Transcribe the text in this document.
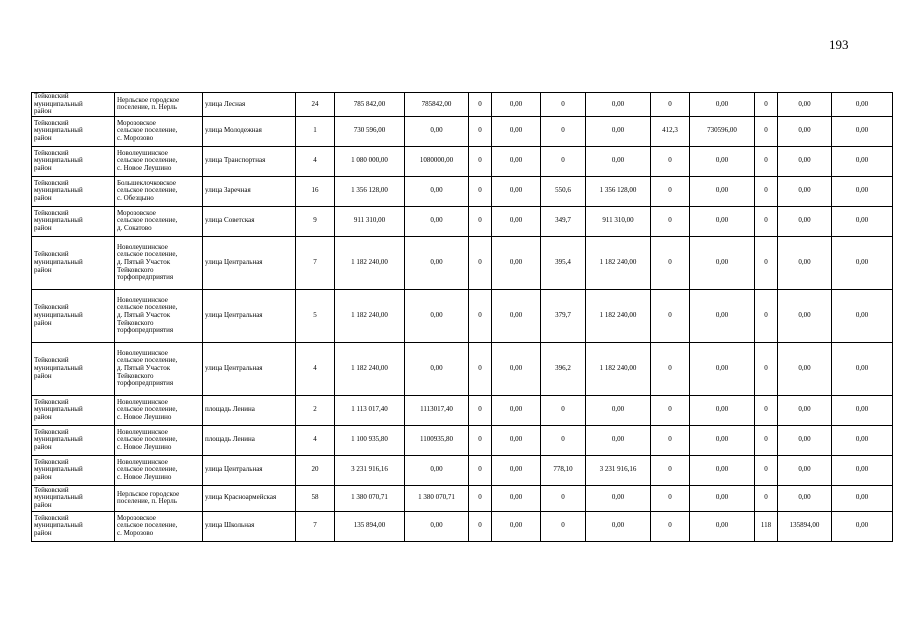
193
Тейковский
муниципальный
район	Нерльское городское
поселение, п. Нерль	улица Лесная	24	785 842,00	785842,00	0	0,00	0	0,00	0	0,00	0	0,00	0,00
Тейковский
муниципальный
район	Морозовское
сельское поселение,
с. Морозово	улица Молодежная	1	730 596,00	0,00	0	0,00	0	0,00	412,3	730596,00	0	0,00	0,00
Тейковский
муниципальный
район	Новолеушинское
сельское поселение,
с. Новое Леушино	улица Транспортная	4	1 080 000,00	1080000,00	0	0,00	0	0,00	0	0,00	0	0,00	0,00
Тейковский
муниципальный
район	Большеклочковское
сельское поселение,
с. Обезцыно	улица Заречная	16	1 356 128,00	0,00	0	0,00	550,6	1 356 128,00	0	0,00	0	0,00	0,00
Тейковский
муниципальный
район	Морозовское
сельское поселение,
д. Сокатово	улица Советская	9	911 310,00	0,00	0	0,00	349,7	911 310,00	0	0,00	0	0,00	0,00
Тейковский
муниципальный
район	Новолеушинское
сельское поселение,
д. Пятый Участок
Тейковского
торфопредприятия	улица Центральная	7	1 182 240,00	0,00	0	0,00	395,4	1 182 240,00	0	0,00	0	0,00	0,00
Тейковский
муниципальный
район	Новолеушинское
сельское поселение,
д. Пятый Участок
Тейковского
торфопредприятия	улица Центральная	5	1 182 240,00	0,00	0	0,00	379,7	1 182 240,00	0	0,00	0	0,00	0,00
Тейковский
муниципальный
район	Новолеушинское
сельское поселение,
д. Пятый Участок
Тейковского
торфопредприятия	улица Центральная	4	1 182 240,00	0,00	0	0,00	396,2	1 182 240,00	0	0,00	0	0,00	0,00
Тейковский
муниципальный
район	Новолеушинское
сельское поселение,
с. Новое Леушино	площадь Ленина	2	1 113 017,40	1113017,40	0	0,00	0	0,00	0	0,00	0	0,00	0,00
Тейковский
муниципальный
район	Новолеушинское
сельское поселение,
с. Новое Леушино	площадь Ленина	4	1 100 935,80	1100935,80	0	0,00	0	0,00	0	0,00	0	0,00	0,00
Тейковский
муниципальный
район	Новолеушинское
сельское поселение,
с. Новое Леушино	улица Центральная	20	3 231 916,16	0,00	0	0,00	778,10	3 231 916,16	0	0,00	0	0,00	0,00
Тейковский
муниципальный
район	Нерльское городское
поселение, п. Нерль	улица Красноармейская	58	1 380 070,71	1 380 070,71	0	0,00	0	0,00	0	0,00	0	0,00	0,00
Тейковский
муниципальный
район	Морозовское
сельское поселение,
с. Морозово	улица Школьная	7	135 894,00	0,00	0	0,00	0	0,00	0	0,00	118	135894,00	0,00
